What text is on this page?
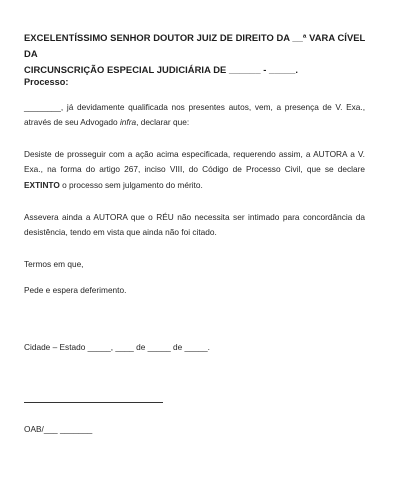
EXCELENTÍSSIMO SENHOR DOUTOR JUIZ DE DIREITO DA __ª VARA CÍVEL DA
CIRCUNSCRIÇÃO ESPECIAL JUDICIÁRIA DE ______ - _____.
Processo:
________, já devidamente qualificada nos presentes autos, vem, a presença de V. Exa., através de seu Advogado infra, declarar que:
Desiste de prosseguir com a ação acima especificada, requerendo assim, a AUTORA a V. Exa., na forma do artigo 267, inciso VIII, do Código de Processo Civil, que se declare EXTINTO o processo sem julgamento do mérito.
Assevera ainda a AUTORA que o RÉU não necessita ser intimado para concordância da desistência, tendo em vista que ainda não foi citado.
Termos em que,
Pede e espera deferimento.
Cidade – Estado _____, ____ de _____ de _____.
OAB/___ _______
